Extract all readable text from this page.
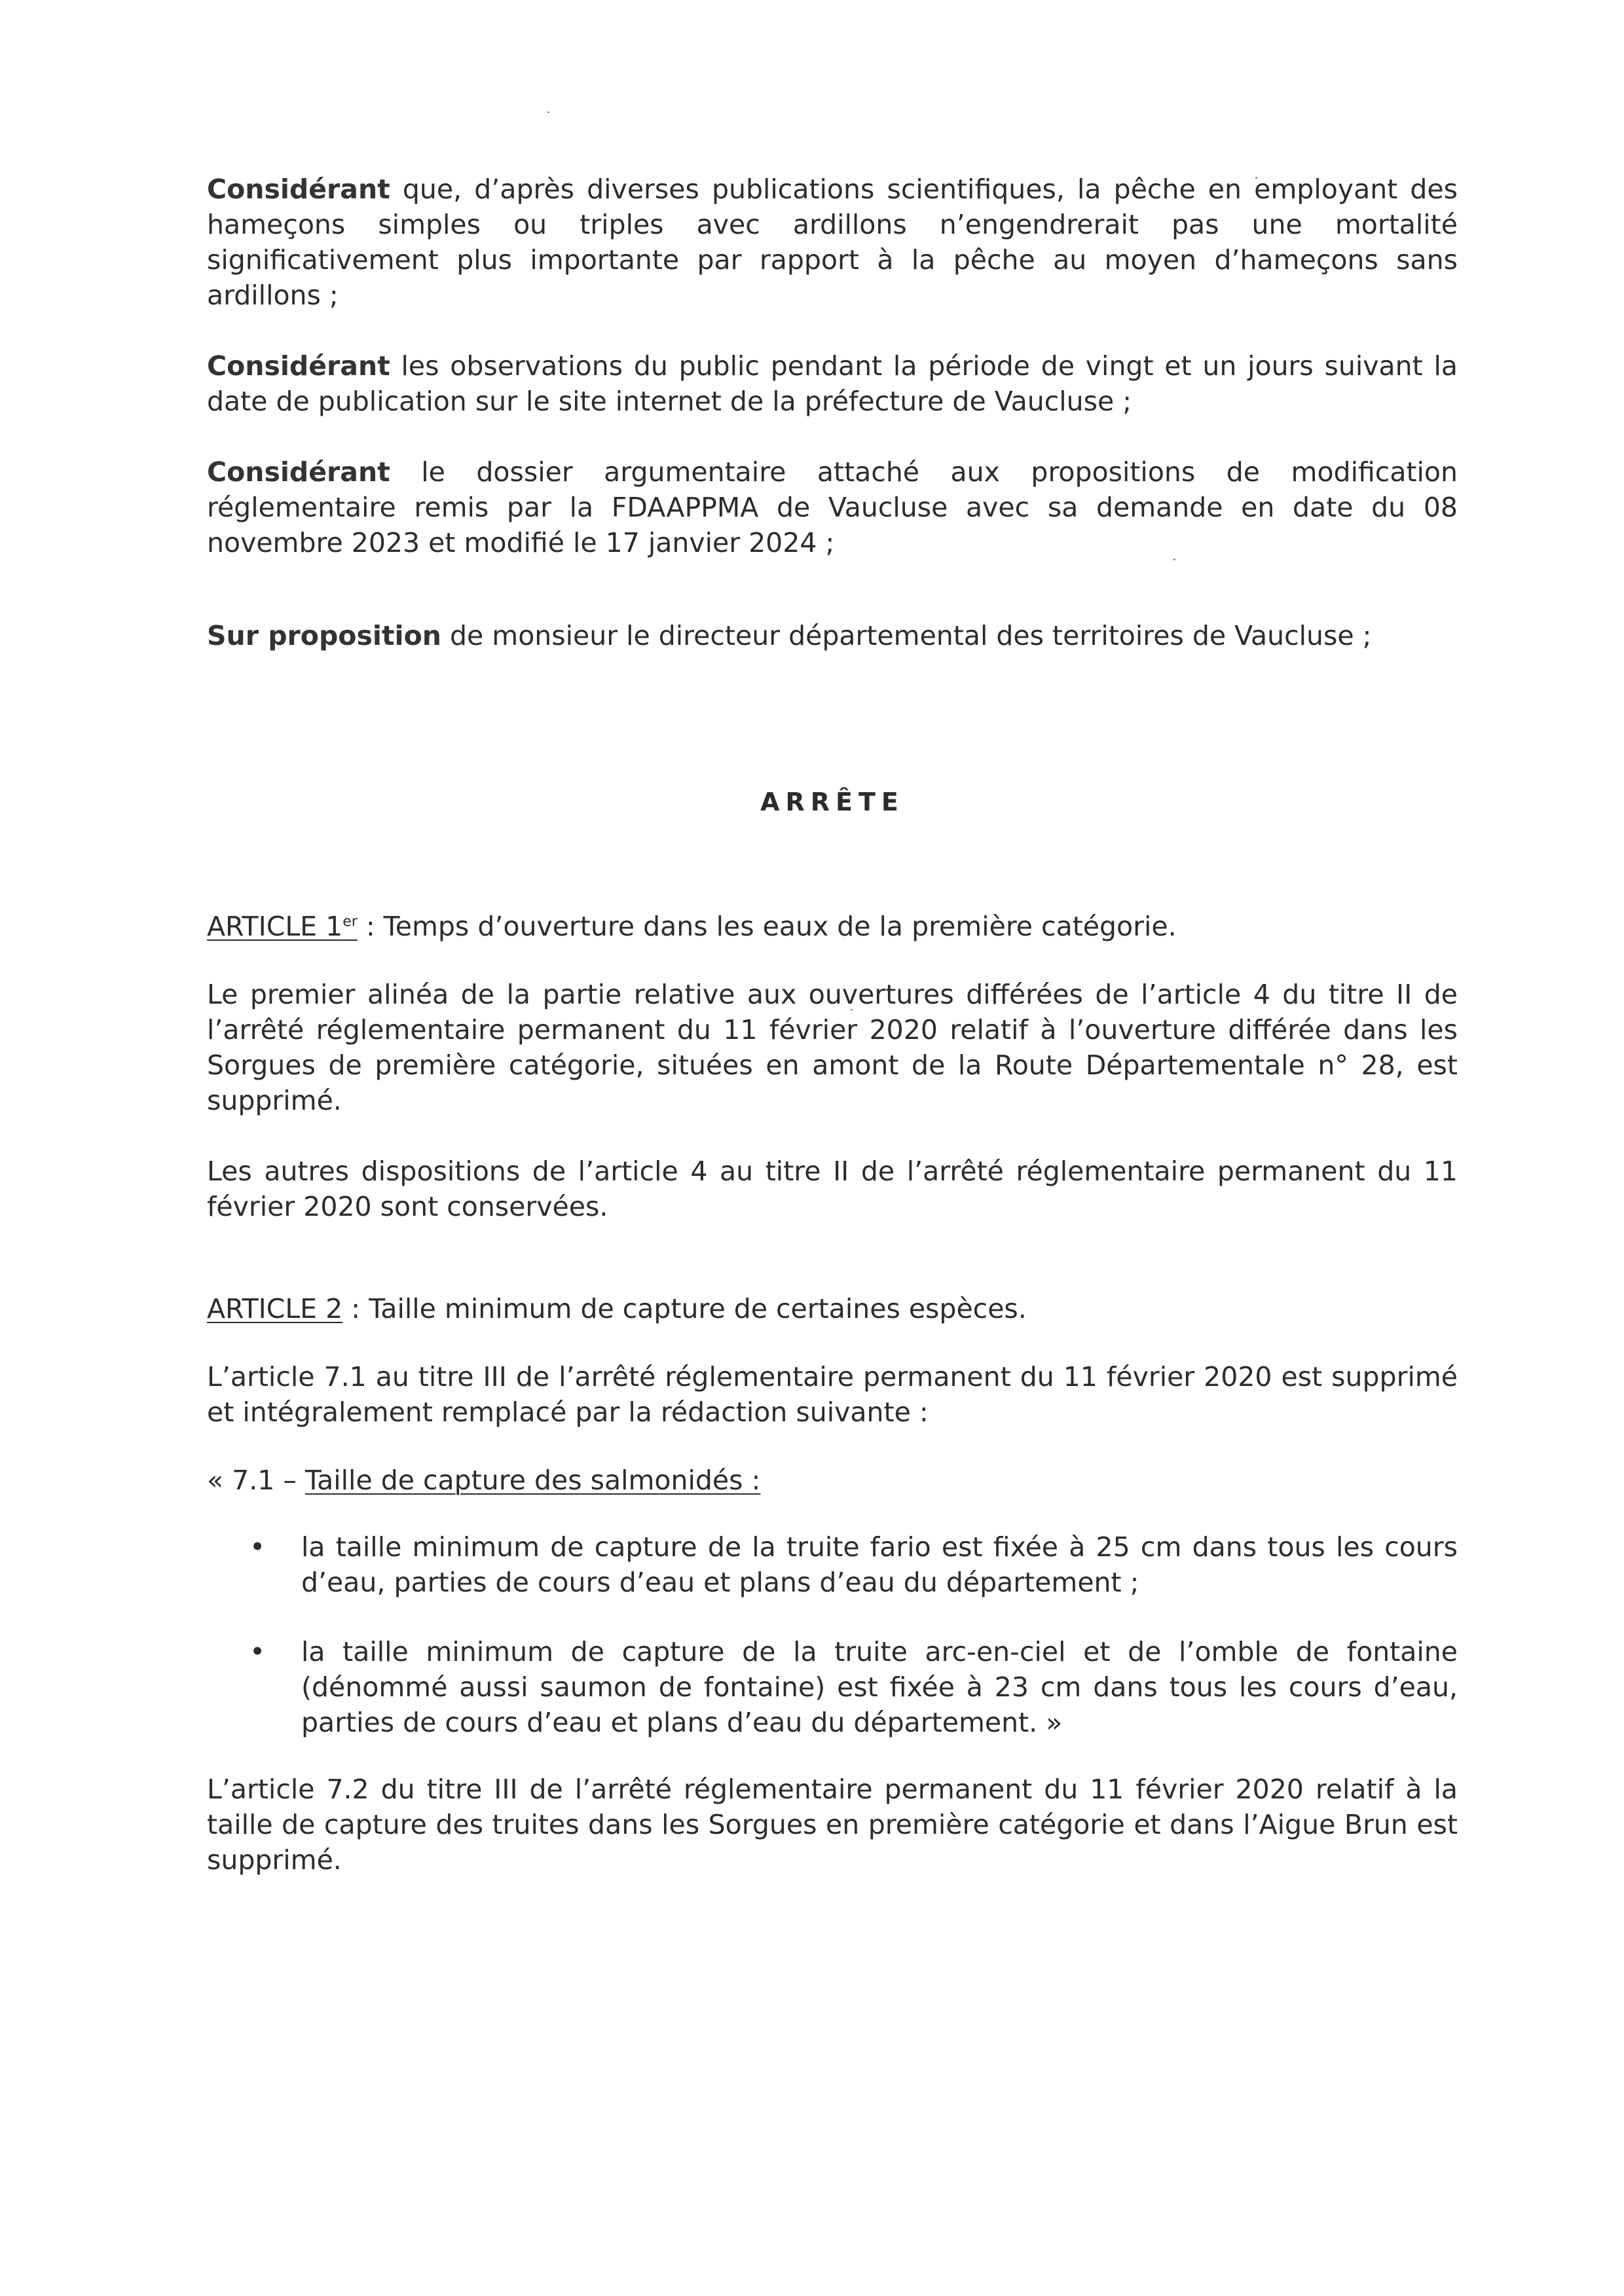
Considérant que, d’après diverses publications scientifiques, la pêche en employant des hameçons simples ou triples avec ardillons n’engendrerait pas une mortalité significativement plus importante par rapport à la pêche au moyen d’hameçons sans ardillons ;

Considérant les observations du public pendant la période de vingt et un jours suivant la date de publication sur le site internet de la préfecture de Vaucluse ;

Considérant le dossier argumentaire attaché aux propositions de modification réglementaire remis par la FDAAPPMA de Vaucluse avec sa demande en date du 08 novembre 2023 et modifié le 17 janvier 2024 ;

Sur proposition de monsieur le directeur départemental des territoires de Vaucluse ;

ARRÊTE

ARTICLE 1er : Temps d’ouverture dans les eaux de la première catégorie.

Le premier alinéa de la partie relative aux ouvertures différées de l’article 4 du titre II de l’arrêté réglementaire permanent du 11 février 2020 relatif à l’ouverture différée dans les Sorgues de première catégorie, situées en amont de la Route Départementale n° 28, est supprimé.

Les autres dispositions de l’article 4 au titre II de l’arrêté réglementaire permanent du 11 février 2020 sont conservées.

ARTICLE 2 : Taille minimum de capture de certaines espèces.

L’article 7.1 au titre III de l’arrêté réglementaire permanent du 11 février 2020 est supprimé et intégralement remplacé par la rédaction suivante :

« 7.1 – Taille de capture des salmonidés :

• la taille minimum de capture de la truite fario est fixée à 25 cm dans tous les cours d’eau, parties de cours d’eau et plans d’eau du département ;
• la taille minimum de capture de la truite arc-en-ciel et de l’omble de fontaine (dénommé aussi saumon de fontaine) est fixée à 23 cm dans tous les cours d’eau, parties de cours d’eau et plans d’eau du département. »

L’article 7.2 du titre III de l’arrêté réglementaire permanent du 11 février 2020 relatif à la taille de capture des truites dans les Sorgues en première catégorie et dans l’Aigue Brun est supprimé.
